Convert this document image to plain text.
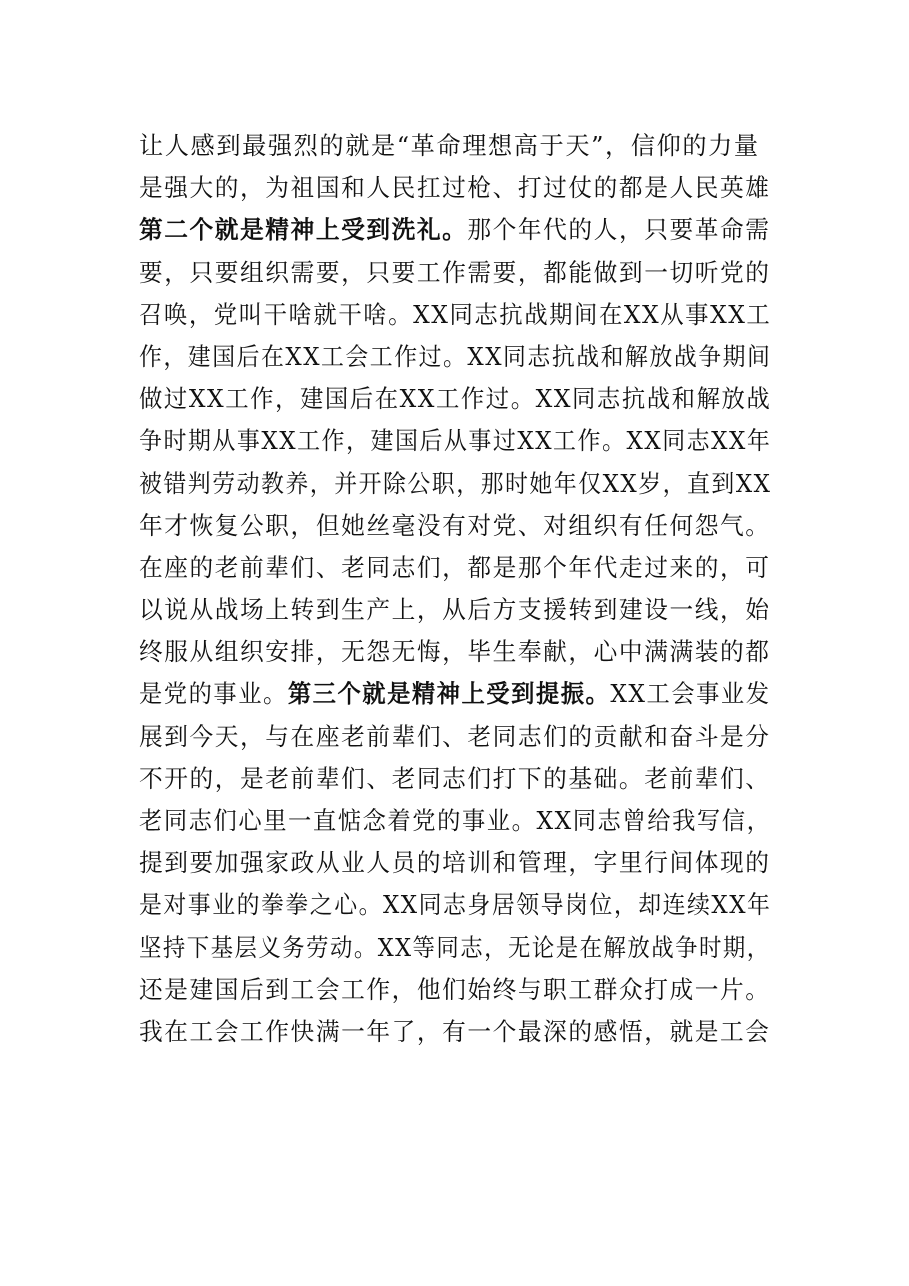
让人感到最强烈的就是“革命理想高于天”，信仰的力量
是强大的，为祖国和人民扛过枪、打过仗的都是人民英雄
第二个就是精神上受到洗礼。那个年代的人，只要革命需
要，只要组织需要，只要工作需要，都能做到一切听党的
召唤，党叫干啥就干啥。XX同志抗战期间在XX从事XX工
作，建国后在XX工会工作过。XX同志抗战和解放战争期间
做过XX工作，建国后在XX工作过。XX同志抗战和解放战
争时期从事XX工作，建国后从事过XX工作。XX同志XX年
被错判劳动教养，并开除公职，那时她年仅XX岁，直到XX
年才恢复公职，但她丝毫没有对党、对组织有任何怨气。
在座的老前辈们、老同志们，都是那个年代走过来的，可
以说从战场上转到生产上，从后方支援转到建设一线，始
终服从组织安排，无怨无悔，毕生奉献，心中满满装的都
是党的事业。第三个就是精神上受到提振。XX工会事业发
展到今天，与在座老前辈们、老同志们的贡献和奋斗是分
不开的，是老前辈们、老同志们打下的基础。老前辈们、
老同志们心里一直惦念着党的事业。XX同志曾给我写信，
提到要加强家政从业人员的培训和管理，字里行间体现的
是对事业的拳拳之心。XX同志身居领导岗位，却连续XX年
坚持下基层义务劳动。XX等同志，无论是在解放战争时期，
还是建国后到工会工作，他们始终与职工群众打成一片。
我在工会工作快满一年了，有一个最深的感悟，就是工会
